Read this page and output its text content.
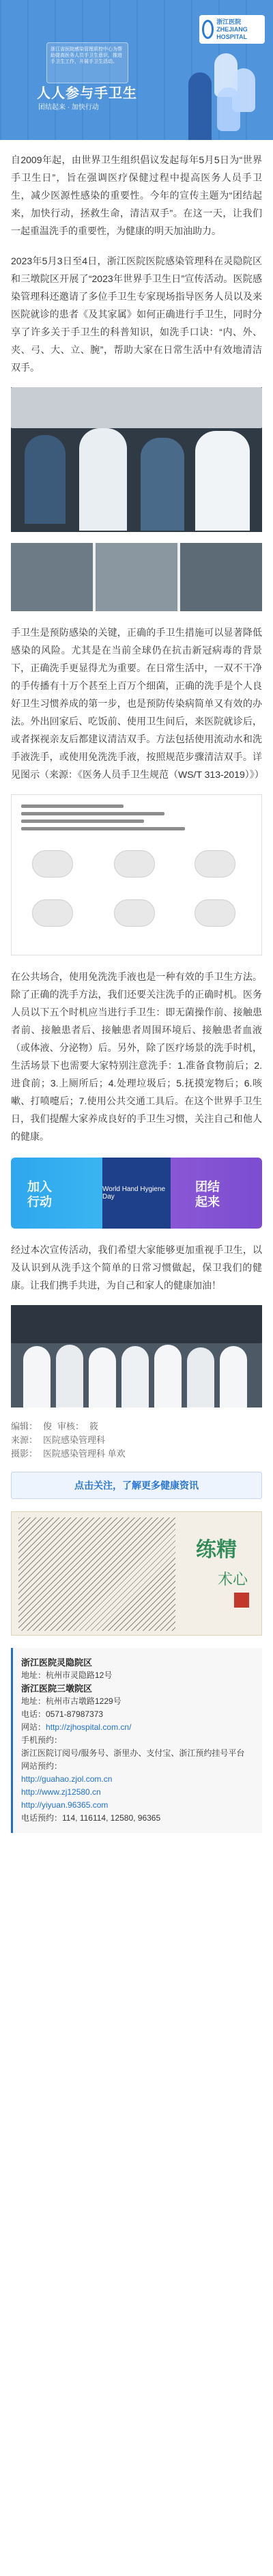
浙江医院 ZHEJIANG HOSPITAL
浙江省医院感染管理质控中心为帮助提高医务人员手卫生意识，推进手卫生工作，开展手卫生活动。
人人参与手卫生
团结起来 · 加快行动

自2009年起，由世界卫生组织倡议发起每年5月5日为“世界手卫生日”，旨在强调医疗保健过程中提高医务人员手卫生，减少医源性感染的重要性。今年的宣传主题为“团结起来，加快行动，拯救生命，清洁双手”。在这一天，让我们一起重温洗手的重要性，为健康的明天加油助力。

2023年5月3日至4日，浙江医院医院感染管理科在灵隐院区和三墩院区开展了“2023年世界手卫生日”宣传活动。医院感染管理科还邀请了多位手卫生专家现场指导医务人员以及来医院就诊的患者《及其家属》如何正确进行手卫生，同时分享了许多关于手卫生的科普知识，如洗手口诀：“内、外、夹、弓、大、立、腕”，帮助大家在日常生活中有效地清洁双手。

手卫生是预防感染的关键，正确的手卫生措施可以显著降低感染的风险。尤其是在当前全球仍在抗击新冠病毒的背景下，正确洗手更显得尤为重要。在日常生活中，一双不干净的手传播有十万个甚至上百万个细菌，正确的洗手是个人良好卫生习惯养成的第一步，也是预防传染病简单又有效的办法。外出回家后、吃饭前、使用卫生间后，来医院就诊后，或者探视亲友后都建议清洁双手。方法包括使用流动水和洗手液洗手，或使用免洗洗手液，按照规范步骤清洁双手。详见图示（来源：《医务人员手卫生规范（WS/T 313-2019）》）

在公共场合，使用免洗洗手液也是一种有效的手卫生方法。除了正确的洗手方法，我们还要关注洗手的正确时机。医务人员以下五个时机应当进行手卫生：即无菌操作前、接触患者前、接触患者后、接触患者周围环境后、接触患者血液（或体液、分泌物）后。另外，除了医疗场景的洗手时机，生活场景下也需要大家特别注意洗手：1.准备食物前后；2.进食前；3.上厕所后；4.处理垃圾后；5.抚摸宠物后；6.咳嗽、打喷嚏后；7.使用公共交通工具后。在这个世界手卫生日，我们提醒大家养成良好的手卫生习惯，关注自己和他人的健康。

加入
行动
World Hand Hygiene Day
团结
起来

经过本次宣传活动，我们希望大家能够更加重视手卫生，以及认识到从洗手这个简单的日常习惯做起，保卫我们的健康。让我们携手共进，为自己和家人的健康加油！

编辑： 俊 审核： 筱
来源： 医院感染管理科
摄影： 医院感染管理科 单欢
点击关注，了解更多健康资讯
练精
术心
浙江医院灵隐院区
地址：杭州市灵隐路12号
浙江医院三墩院区
地址：杭州市古墩路1229号
电话：0571-87987373
网站：http://zjhospital.com.cn/
手机预约：
浙江医院订阅号/服务号、浙里办、支付宝、浙江预约挂号平台
网站预约：
http://guahao.zjol.com.cn
http://www.zj12580.cn
http://yiyuan.96365.com
电话预约：114, 116114, 12580, 96365
